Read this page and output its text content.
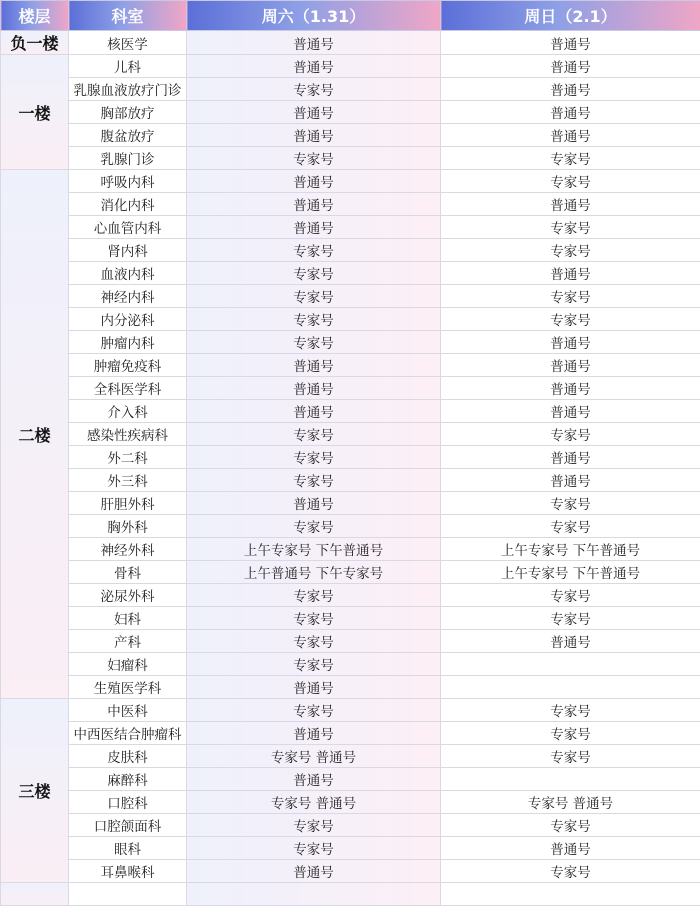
楼层	科室	周六（1.31）	周日（2.1）
负一楼	核医学	普通号	普通号
一楼	儿科	普通号	普通号
	乳腺血液放疗门诊	专家号	普通号
	胸部放疗	普通号	普通号
	腹盆放疗	普通号	普通号
	乳腺门诊	专家号	专家号
二楼	呼吸内科	普通号	专家号
	消化内科	普通号	普通号
	心血管内科	普通号	专家号
	肾内科	专家号	专家号
	血液内科	专家号	普通号
	神经内科	专家号	专家号
	内分泌科	专家号	专家号
	肿瘤内科	专家号	普通号
	肿瘤免疫科	普通号	普通号
	全科医学科	普通号	普通号
	介入科	普通号	普通号
	感染性疾病科	专家号	专家号
	外二科	专家号	普通号
	外三科	专家号	普通号
	肝胆外科	普通号	专家号
	胸外科	专家号	专家号
	神经外科	上午专家号 下午普通号	上午专家号 下午普通号
	骨科	上午普通号 下午专家号	上午专家号 下午普通号
	泌尿外科	专家号	专家号
	妇科	专家号	专家号
	产科	专家号	普通号
	妇瘤科	专家号	
	生殖医学科	普通号	
三楼	中医科	专家号	专家号
	中西医结合肿瘤科	普通号	专家号
	皮肤科	专家号 普通号	专家号
	麻醉科	普通号	
	口腔科	专家号 普通号	专家号 普通号
	口腔颌面科	专家号	专家号
	眼科	专家号	普通号
	耳鼻喉科	普通号	专家号
